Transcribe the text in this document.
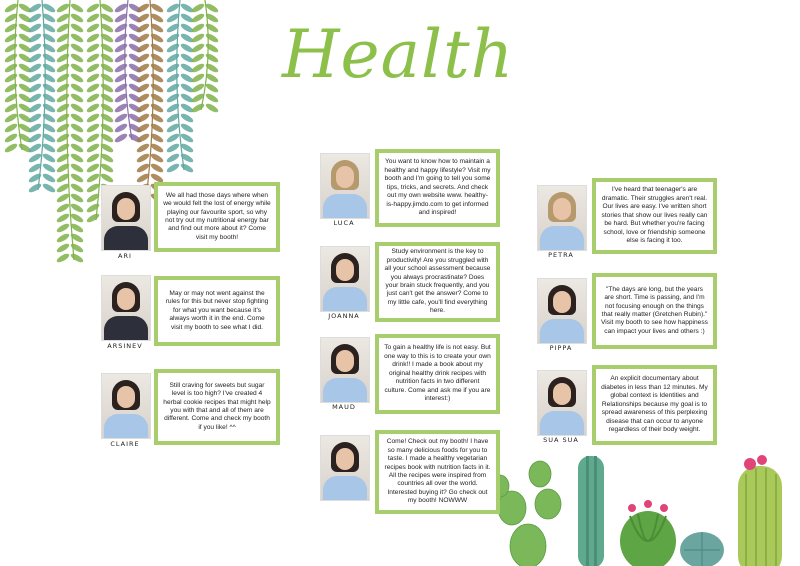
Health
ARI
We all had those days where when we would felt the lost of energy while playing our favourite sport, so why not try out my nutritional energy bar and find out more about it? Come visit my booth!
ARSINEV
May or may not went against the rules for this but never stop fighting for what you want because it's always worth it in the end. Come visit my booth to see what I did.
CLAIRE
Still craving for sweets but sugar level is too high? I've created 4 herbal cookie recipes that might help you with that and all of them are different. Come and check my booth if you like! ^^
LUCA
You want to know how to maintain a healthy and happy lifestyle? Visit my booth and I'm going to tell you some tips, tricks, and secrets. And check out my own website www. healthy-is-happy.jimdo.com to get informed and inspired!
JOANNA
Study environment is the key to productivity! Are you struggled with all your school assessment because you always procrastinate? Does your brain stuck frequently, and you just can't get the answer? Come to my little cafe, you'll find everything here.
MAUD
To gain a healthy life is not easy. But one way to this is to create your own drink!! I made a book about my original healthy drink recipes with nutrition facts in two different culture. Come and ask me if you are interest:)
Come! Check out my booth! I have so many delicious foods for you to taste. I made a healthy vegetarian recipes book with nutrition facts in it. All the recipes were inspired from countries all over the world. Interested buying it? Go check out my booth! NOWWW
PETRA
I've heard that teenager's are dramatic. Their struggles aren't real. Our lives are easy. I've written short stories that show our lives really can be hard. But whether you're facing school, love or friendship someone else is facing it too.
PIPPA
"The days are long, but the years are short. Time is passing, and I'm not focusing enough on the things that really matter (Gretchen Rubin)." Visit my booth to see how happiness can impact your lives and others :)
SUA SUA
An explicit documentary about diabetes in less than 12 minutes. My global context is Identities and Relationships because my goal is to spread awareness of this perplexing disease that can occur to anyone regardless of their body weight.
